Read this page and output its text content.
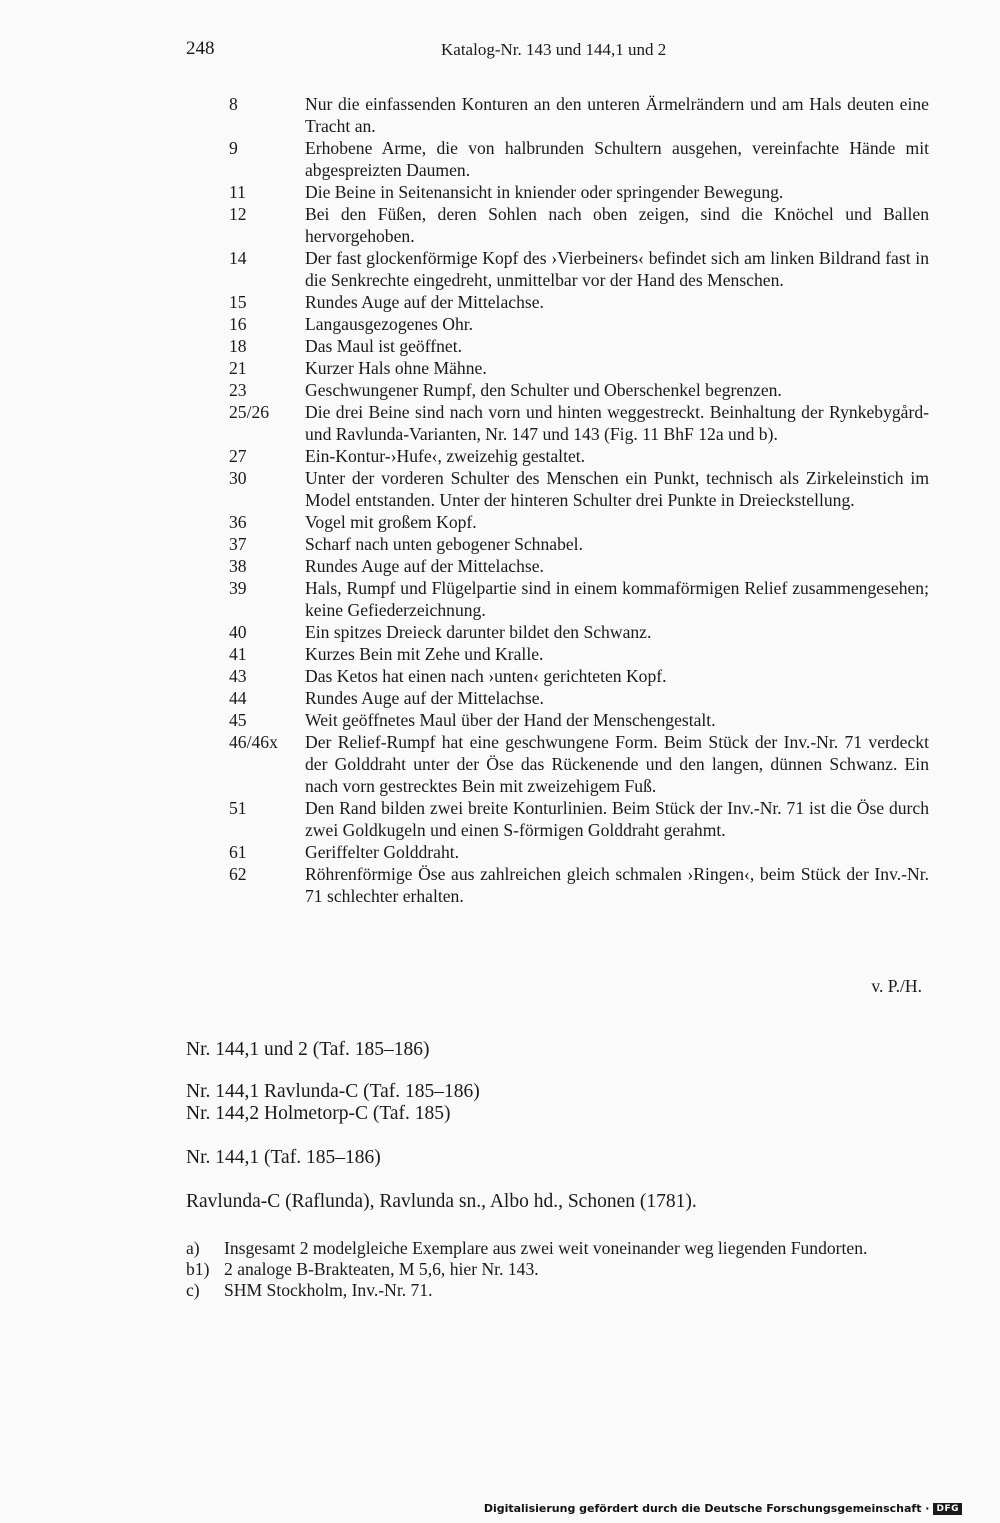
248	Katalog-Nr. 143 und 144,1 und 2
8	Nur die einfassenden Konturen an den unteren Ärmelrändern und am Hals deuten eine Tracht an.
9	Erhobene Arme, die von halbrunden Schultern ausgehen, vereinfachte Hände mit abgespreizten Daumen.
11	Die Beine in Seitenansicht in kniender oder springender Bewegung.
12	Bei den Füßen, deren Sohlen nach oben zeigen, sind die Knöchel und Ballen hervorgehoben.
14	Der fast glockenförmige Kopf des ›Vierbeiners‹ befindet sich am linken Bildrand fast in die Senkrechte eingedreht, unmittelbar vor der Hand des Menschen.
15	Rundes Auge auf der Mittelachse.
16	Langausgezogenes Ohr.
18	Das Maul ist geöffnet.
21	Kurzer Hals ohne Mähne.
23	Geschwungener Rumpf, den Schulter und Oberschenkel begrenzen.
25/26	Die drei Beine sind nach vorn und hinten weggestreckt. Beinhaltung der Rynkebygård- und Ravlunda-Varianten, Nr. 147 und 143 (Fig. 11 BhF 12a und b).
27	Ein-Kontur-›Hufe‹, zweizehig gestaltet.
30	Unter der vorderen Schulter des Menschen ein Punkt, technisch als Zirkeleinstich im Model entstanden. Unter der hinteren Schulter drei Punkte in Dreieckstellung.
36	Vogel mit großem Kopf.
37	Scharf nach unten gebogener Schnabel.
38	Rundes Auge auf der Mittelachse.
39	Hals, Rumpf und Flügelpartie sind in einem kommaförmigen Relief zusammengesehen; keine Gefiederzeichnung.
40	Ein spitzes Dreieck darunter bildet den Schwanz.
41	Kurzes Bein mit Zehe und Kralle.
43	Das Ketos hat einen nach ›unten‹ gerichteten Kopf.
44	Rundes Auge auf der Mittelachse.
45	Weit geöffnetes Maul über der Hand der Menschengestalt.
46/46x	Der Relief-Rumpf hat eine geschwungene Form. Beim Stück der Inv.-Nr. 71 verdeckt der Golddraht unter der Öse das Rückenende und den langen, dünnen Schwanz. Ein nach vorn gestrecktes Bein mit zweizehigem Fuß.
51	Den Rand bilden zwei breite Konturlinien. Beim Stück der Inv.-Nr. 71 ist die Öse durch zwei Goldkugeln und einen S-förmigen Golddraht gerahmt.
61	Geriffelter Golddraht.
62	Röhrenförmige Öse aus zahlreichen gleich schmalen ›Ringen‹, beim Stück der Inv.-Nr. 71 schlechter erhalten.
v. P./H.
Nr. 144,1 und 2 (Taf. 185–186)
Nr. 144,1 Ravlunda-C (Taf. 185–186)
Nr. 144,2 Holmetorp-C (Taf. 185)
Nr. 144,1 (Taf. 185–186)
Ravlunda-C (Raflunda), Ravlunda sn., Albo hd., Schonen (1781).
a) Insgesamt 2 modelgleiche Exemplare aus zwei weit voneinander weg liegenden Fundorten.
b1) 2 analoge B-Brakteaten, M 5,6, hier Nr. 143.
c) SHM Stockholm, Inv.-Nr. 71.
Digitalisierung gefördert durch die Deutsche Forschungsgemeinschaft · DFG
